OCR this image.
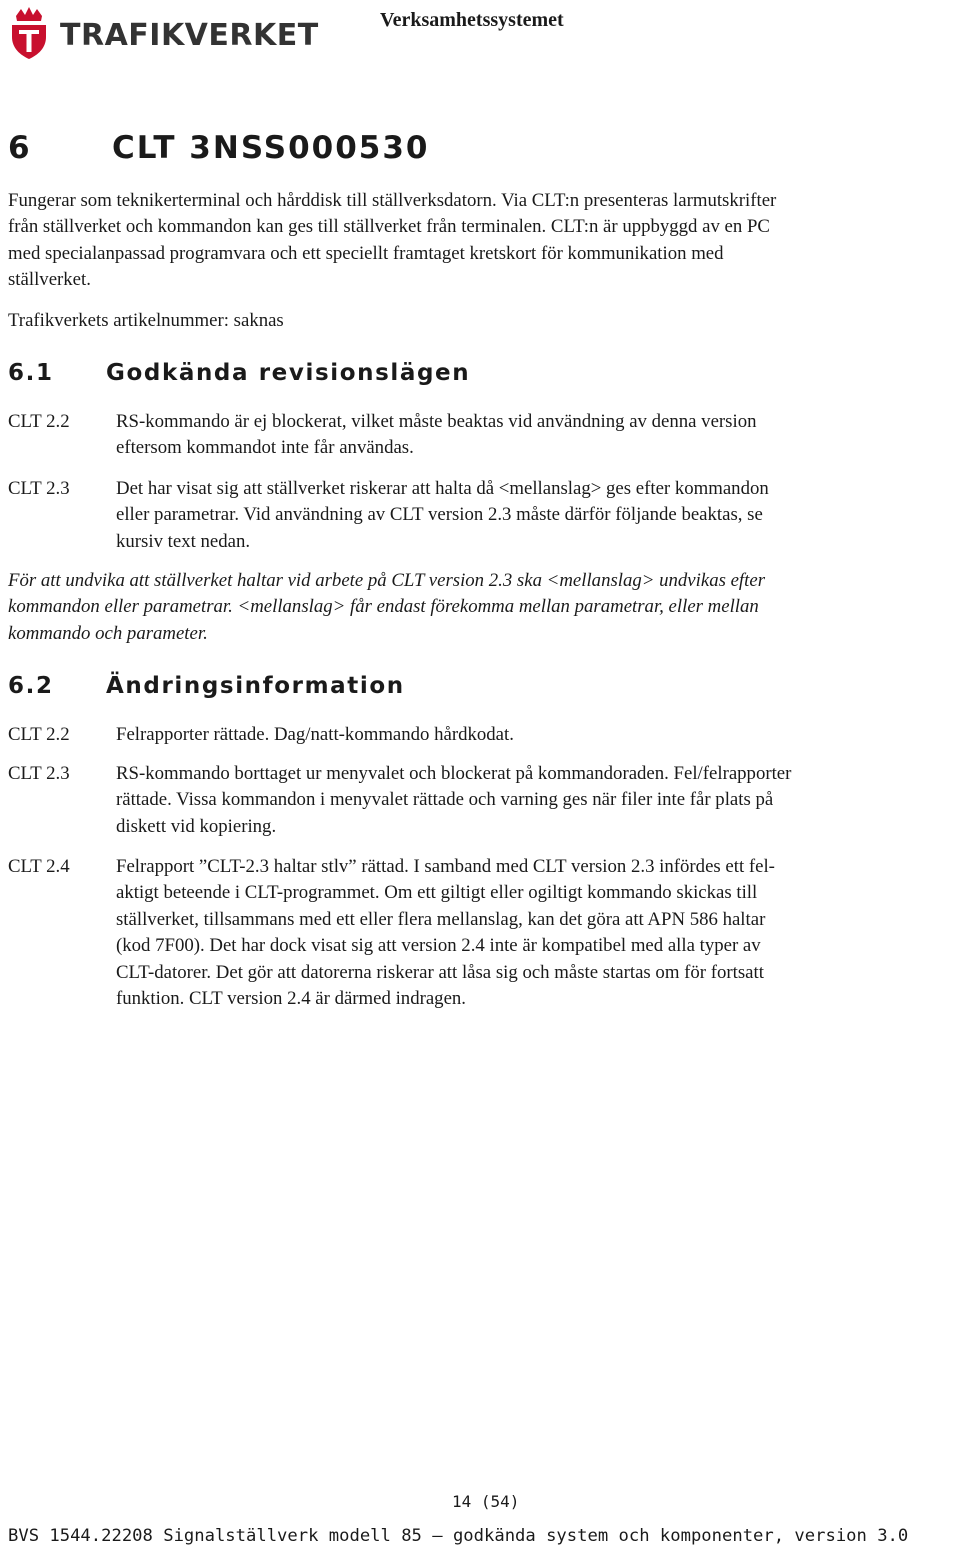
TRAFIKVERKET	Verksamhetssystemet
6	CLT 3NSS000530
Fungerar som teknikerterminal och hårddisk till ställverksdatorn. Via CLT:n presenteras larmutskrifter
från ställverket och kommandon kan ges till ställverket från terminalen. CLT:n är uppbyggd av en PC
med specialanpassad programvara och ett speciellt framtaget kretskort för kommunikation med
ställverket.
Trafikverkets artikelnummer: saknas
6.1 Godkända revisionslägen
CLT 2.2	RS-kommando är ej blockerat, vilket måste beaktas vid användning av denna version
eftersom kommandot inte får användas.
CLT 2.3	Det har visat sig att ställverket riskerar att halta då <mellanslag> ges efter kommandon
eller parametrar. Vid användning av CLT version 2.3 måste därför följande beaktas, se
kursiv text nedan.
För att undvika att ställverket haltar vid arbete på CLT version 2.3 ska <mellanslag> undvikas efter
kommandon eller parametrar. <mellanslag> får endast förekomma mellan parametrar, eller mellan
kommando och parameter.
6.2 Ändringsinformation
CLT 2.2	Felrapporter rättade. Dag/natt-kommando hårdkodat.
CLT 2.3	RS-kommando borttaget ur menyvalet och blockerat på kommandoraden. Fel/felrapporter
rättade. Vissa kommandon i menyvalet rättade och varning ges när filer inte får plats på
diskett vid kopiering.
CLT 2.4	Felrapport ”CLT-2.3 haltar stlv” rättad. I samband med CLT version 2.3 infördes ett fel-
aktigt beteende i CLT-programmet. Om ett giltigt eller ogiltigt kommando skickas till
ställverket, tillsammans med ett eller flera mellanslag, kan det göra att APN 586 haltar
(kod 7F00). Det har dock visat sig att version 2.4 inte är kompatibel med alla typer av
CLT-datorer. Det gör att datorerna riskerar att låsa sig och måste startas om för fortsatt
funktion. CLT version 2.4 är därmed indragen.
14 (54)
BVS 1544.22208 Signalställverk modell 85 – godkända system och komponenter, version 3.0
